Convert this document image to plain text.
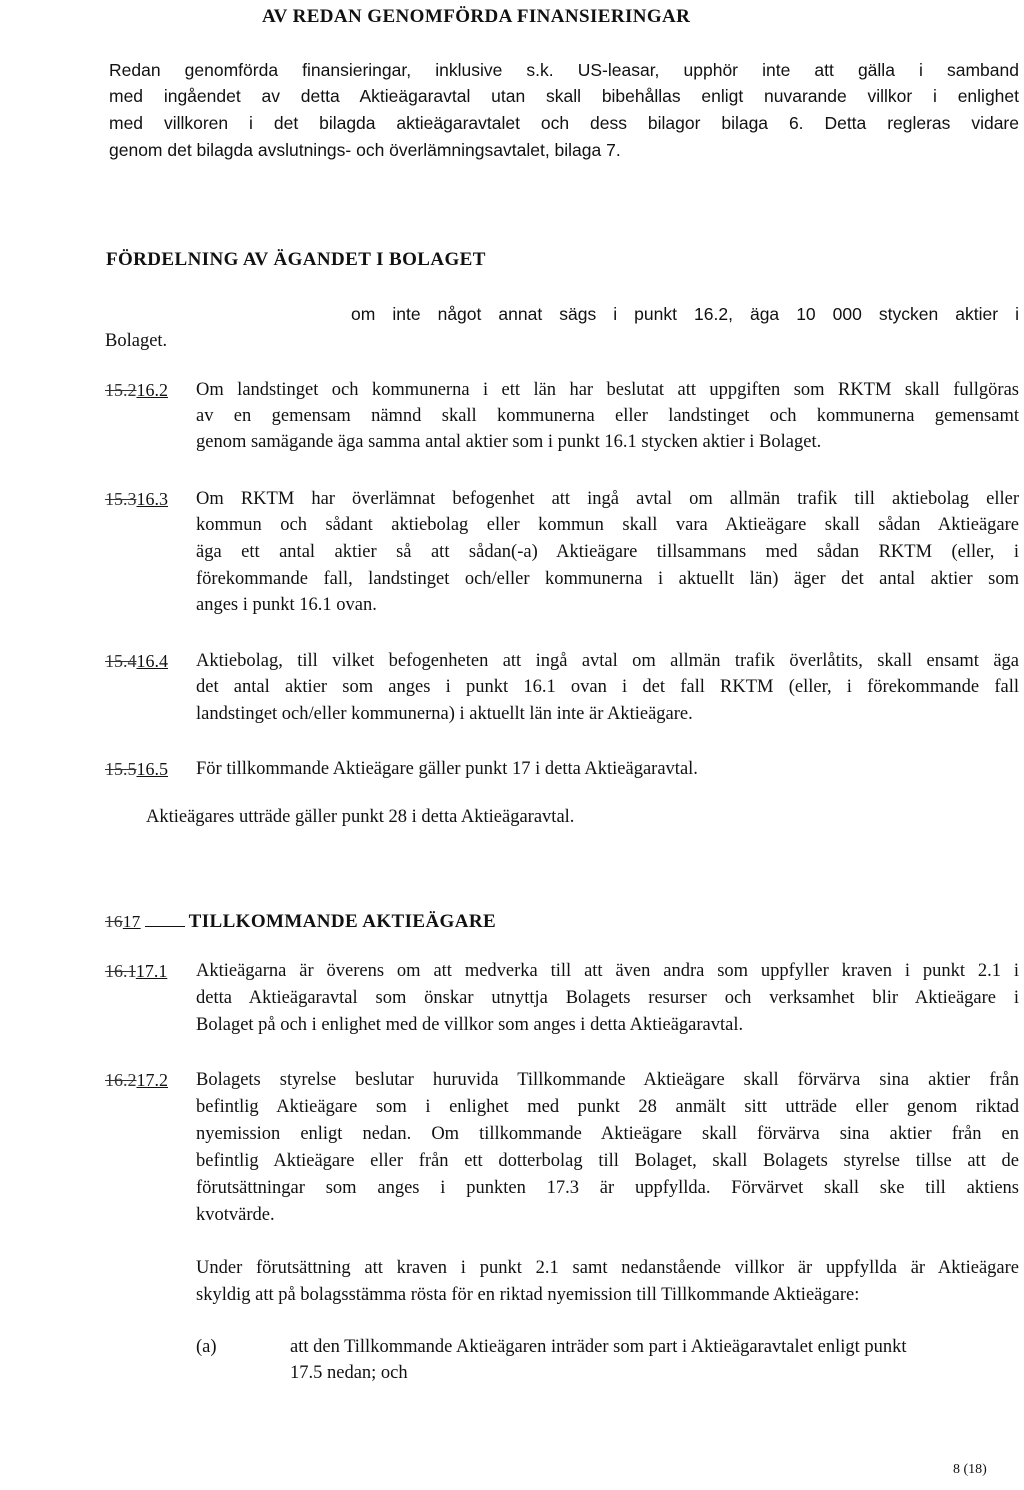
AV REDAN GENOMFÖRDA FINANSIERINGAR
Redan genomförda finansieringar, inklusive s.k. US-leasar, upphör inte att gälla i samband
med ingåendet av detta Aktieägaravtal utan skall bibehållas enligt nuvarande villkor i enlighet
med villkoren i det bilagda aktieägaravtalet och dess bilagor bilaga 6. Detta regleras vidare
genom det bilagda avslutnings- och överlämningsavtalet, bilaga 7.
FÖRDELNING AV ÄGANDET I BOLAGET
om inte något annat sägs i punkt 16.2, äga 10 000 stycken aktier i
Bolaget.
15.216.2 Om landstinget och kommunerna i ett län har beslutat att uppgiften som RKTM skall fullgöras
av en gemensam nämnd skall kommunerna eller landstinget och kommunerna gemensamt
genom samägande äga samma antal aktier som i punkt 16.1 stycken aktier i Bolaget.
15.316.3 Om RKTM har överlämnat befogenhet att ingå avtal om allmän trafik till aktiebolag eller
kommun och sådant aktiebolag eller kommun skall vara Aktieägare skall sådan Aktieägare
äga ett antal aktier så att sådan(-a) Aktieägare tillsammans med sådan RKTM (eller, i
förekommande fall, landstinget och/eller kommunerna i aktuellt län) äger det antal aktier som
anges i punkt 16.1 ovan.
15.416.4 Aktiebolag, till vilket befogenheten att ingå avtal om allmän trafik överlåtits, skall ensamt äga
det antal aktier som anges i punkt 16.1 ovan i det fall RKTM (eller, i förekommande fall
landstinget och/eller kommunerna) i aktuellt län inte är Aktieägare.
15.516.5 För tillkommande Aktieägare gäller punkt 17 i detta Aktieägaravtal.
Aktieägares utträde gäller punkt 28 i detta Aktieägaravtal.
1617	TILLKOMMANDE AKTIEÄGARE
16.117.1 Aktieägarna är överens om att medverka till att även andra som uppfyller kraven i punkt 2.1 i
detta Aktieägaravtal som önskar utnyttja Bolagets resurser och verksamhet blir Aktieägare i
Bolaget på och i enlighet med de villkor som anges i detta Aktieägaravtal.
16.217.2 Bolagets styrelse beslutar huruvida Tillkommande Aktieägare skall förvärva sina aktier från
befintlig Aktieägare som i enlighet med punkt 28 anmält sitt utträde eller genom riktad
nyemission enligt nedan. Om tillkommande Aktieägare skall förvärva sina aktier från en
befintlig Aktieägare eller från ett dotterbolag till Bolaget, skall Bolagets styrelse tillse att de
förutsättningar som anges i punkten 17.3 är uppfyllda. Förvärvet skall ske till aktiens
kvotvärde.
Under förutsättning att kraven i punkt 2.1 samt nedanstående villkor är uppfyllda är Aktieägare
skyldig att på bolagsstämma rösta för en riktad nyemission till Tillkommande Aktieägare:
(a)	att den Tillkommande Aktieägaren inträder som part i Aktieägaravtalet enligt punkt
17.5 nedan; och
8 (18)
